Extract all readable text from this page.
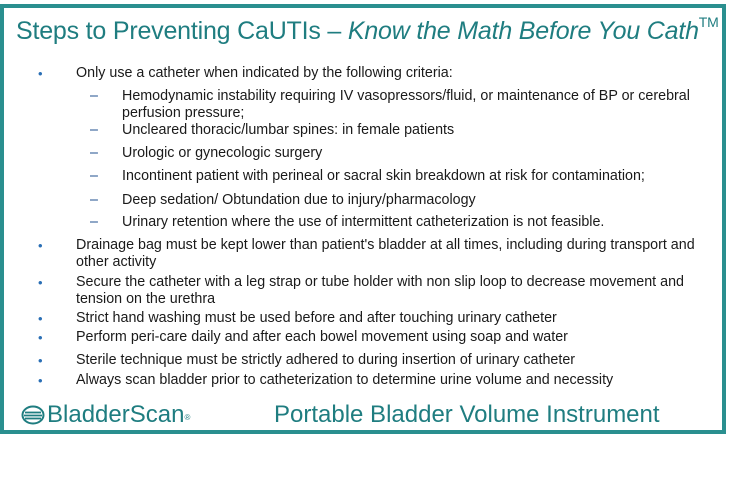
Steps to Preventing CaUTIs – Know the Math Before You Cath™
• Only use a catheter when indicated by the following criteria:
– Hemodynamic instability requiring IV vasopressors/fluid, or maintenance of BP or cerebral perfusion pressure;
– Uncleared thoracic/lumbar spines: in female patients
– Urologic or gynecologic surgery
– Incontinent patient with perineal or sacral skin breakdown at risk for contamination;
– Deep sedation/ Obtundation due to injury/pharmacology
– Urinary retention where the use of intermittent catheterization is not feasible.
• Drainage bag must be kept lower than patient's bladder at all times, including during transport and other activity
• Secure the catheter with a leg strap or tube holder with non slip loop to decrease movement and tension on the urethra
• Strict hand washing must be used before and after touching urinary catheter
• Perform peri-care daily and after each bowel movement using soap and water
• Sterile technique must be strictly adhered to during insertion of urinary catheter
• Always scan bladder prior to catheterization to determine urine volume and necessity
BladderScan ®	Portable Bladder Volume Instrument
